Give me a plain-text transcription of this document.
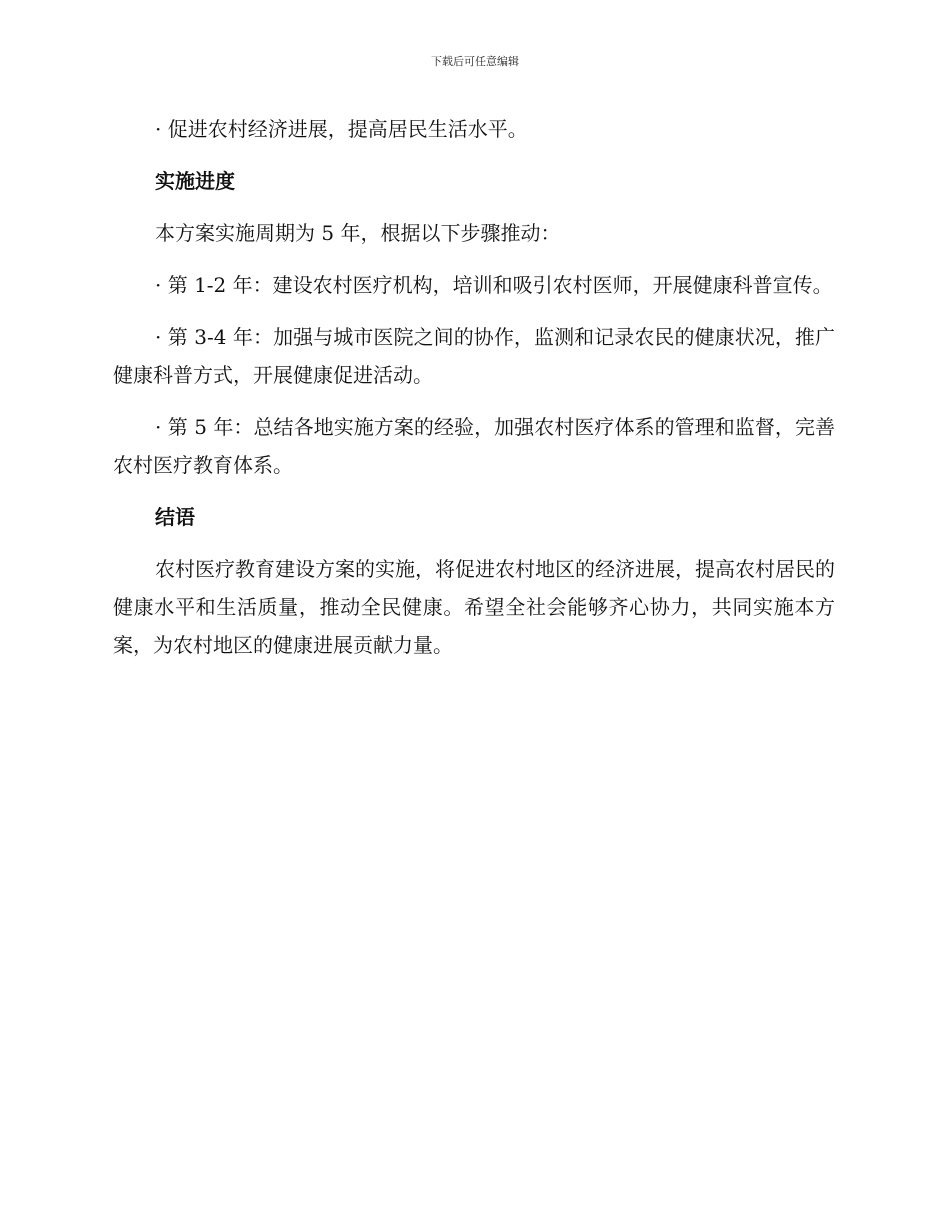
下载后可任意编辑

· 促进农村经济进展，提高居民生活水平。

实施进度

本方案实施周期为 5 年，根据以下步骤推动：

· 第 1-2 年：建设农村医疗机构，培训和吸引农村医师，开展健康科普宣传。

· 第 3-4 年：加强与城市医院之间的协作，监测和记录农民的健康状况，推广健康科普方式，开展健康促进活动。

· 第 5 年：总结各地实施方案的经验，加强农村医疗体系的管理和监督，完善农村医疗教育体系。

结语

农村医疗教育建设方案的实施，将促进农村地区的经济进展，提高农村居民的健康水平和生活质量，推动全民健康。希望全社会能够齐心协力，共同实施本方案，为农村地区的健康进展贡献力量。
